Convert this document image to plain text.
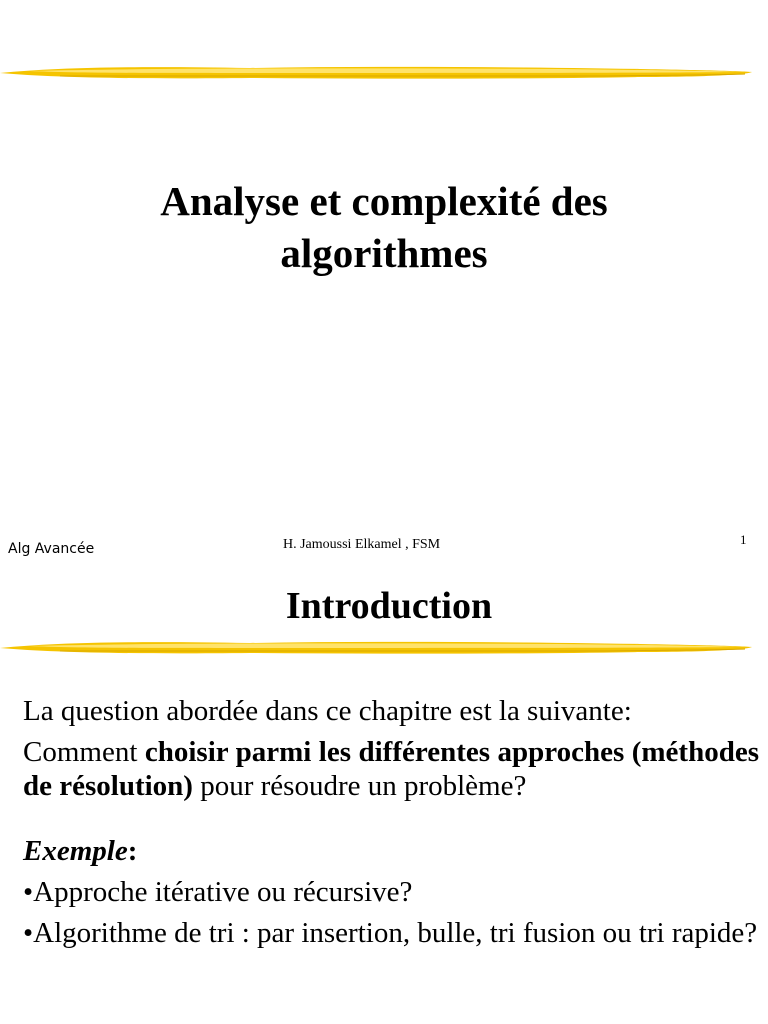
Analyse et complexité des
algorithmes
Alg Avancée	H. Jamoussi Elkamel , FSM	1
Introduction

La question abordée dans ce chapitre est la suivante:

Comment choisir parmi les différentes approches (méthodes de résolution) pour résoudre un problème?

Exemple:

•Approche itérative ou récursive?

•Algorithme de tri : par insertion, bulle, tri fusion ou tri rapide?
